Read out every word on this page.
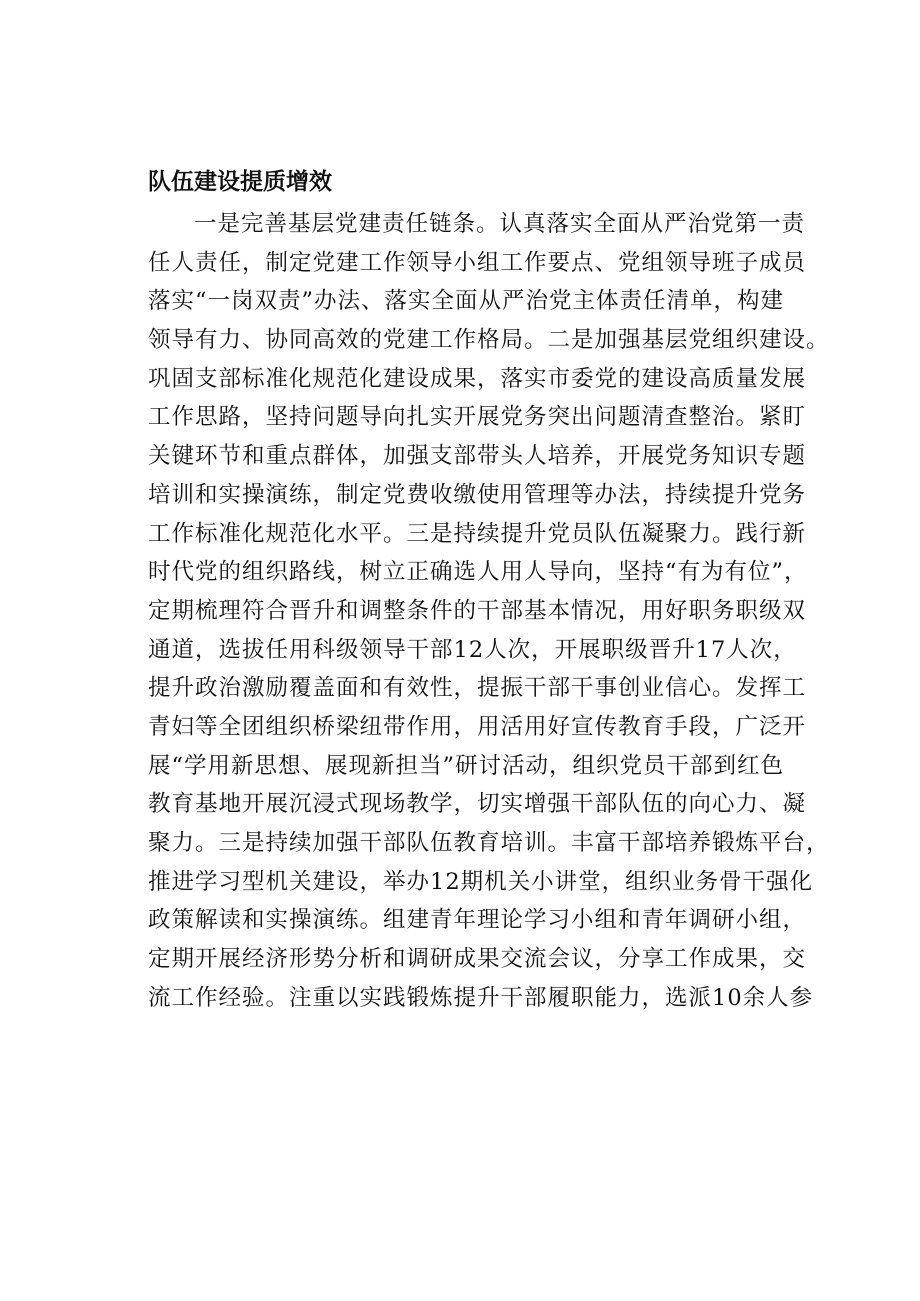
队伍建设提质增效
一是完善基层党建责任链条。认真落实全面从严治党第一责
任人责任，制定党建工作领导小组工作要点、党组领导班子成员
落实“一岗双责”办法、落实全面从严治党主体责任清单，构建
领导有力、协同高效的党建工作格局。二是加强基层党组织建设。
巩固支部标准化规范化建设成果，落实市委党的建设高质量发展
工作思路，坚持问题导向扎实开展党务突出问题清查整治。紧盯
关键环节和重点群体，加强支部带头人培养，开展党务知识专题
培训和实操演练，制定党费收缴使用管理等办法，持续提升党务
工作标准化规范化水平。三是持续提升党员队伍凝聚力。践行新
时代党的组织路线，树立正确选人用人导向，坚持“有为有位”，
定期梳理符合晋升和调整条件的干部基本情况，用好职务职级双
通道，选拔任用科级领导干部12人次，开展职级晋升17人次，
提升政治激励覆盖面和有效性，提振干部干事创业信心。发挥工
青妇等全团组织桥梁纽带作用，用活用好宣传教育手段，广泛开
展“学用新思想、展现新担当”研讨活动，组织党员干部到红色
教育基地开展沉浸式现场教学，切实增强干部队伍的向心力、凝
聚力。三是持续加强干部队伍教育培训。丰富干部培养锻炼平台，
推进学习型机关建设，举办12期机关小讲堂，组织业务骨干强化
政策解读和实操演练。组建青年理论学习小组和青年调研小组，
定期开展经济形势分析和调研成果交流会议，分享工作成果，交
流工作经验。注重以实践锻炼提升干部履职能力，选派10余人参
